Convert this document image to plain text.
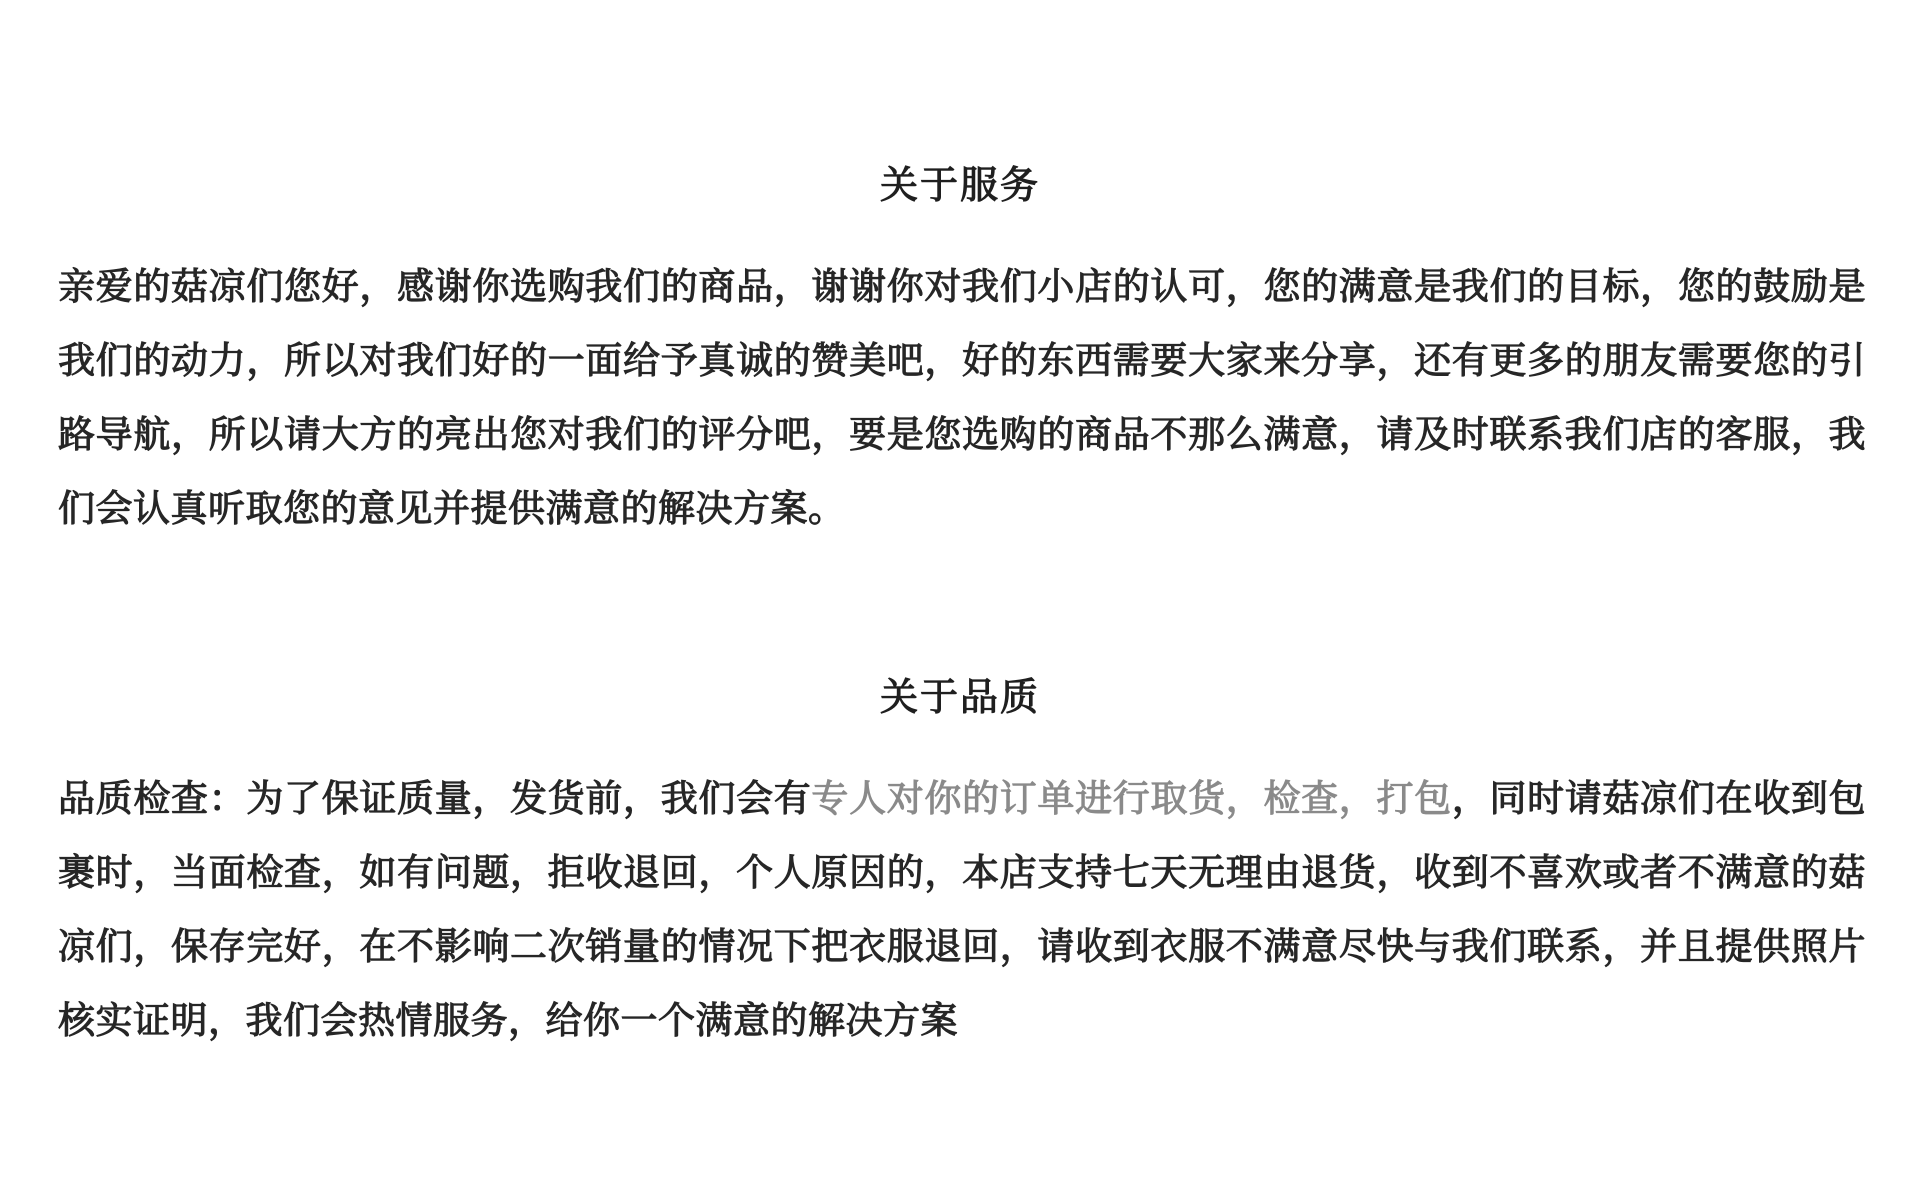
关于服务

亲爱的菇凉们您好，感谢你选购我们的商品，谢谢你对我们小店的认可，您的满意是我们的目标，您的鼓励是我们的动力，所以对我们好的一面给予真诚的赞美吧，好的东西需要大家来分享，还有更多的朋友需要您的引路导航，所以请大方的亮出您对我们的评分吧，要是您选购的商品不那么满意，请及时联系我们店的客服，我们会认真听取您的意见并提供满意的解决方案。

关于品质

品质检查：为了保证质量，发货前，我们会有专人对你的订单进行取货，检查，打包，同时请菇凉们在收到包裹时，当面检查，如有问题，拒收退回，个人原因的，本店支持七天无理由退货，收到不喜欢或者不满意的菇凉们，保存完好，在不影响二次销量的情况下把衣服退回，请收到衣服不满意尽快与我们联系，并且提供照片核实证明，我们会热情服务，给你一个满意的解决方案
